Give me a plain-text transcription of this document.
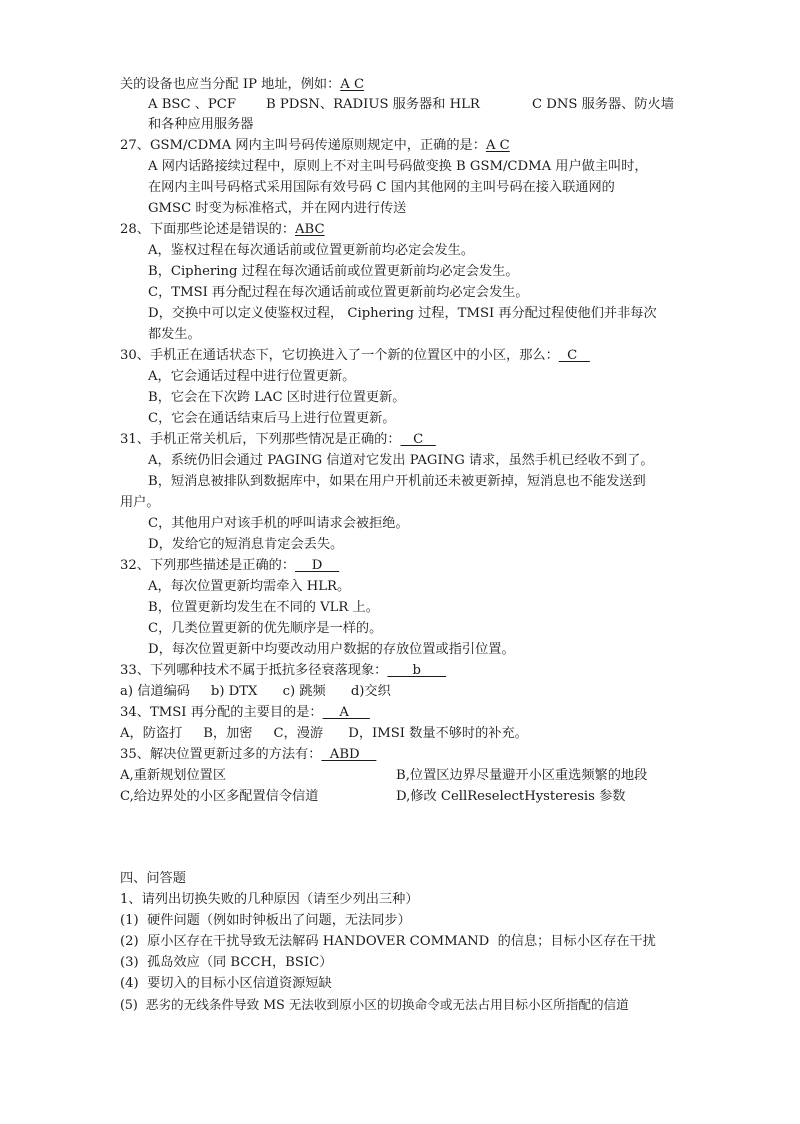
关的设备也应当分配 IP 地址，例如：A C
A BSC 、PCF B PDSN、RADIUS 服务器和 HLR	C DNS 服务器、防火墙
和各种应用服务器
27、GSM/CDMA 网内主叫号码传递原则规定中，正确的是：A C
A 网内话路接续过程中，原则上不对主叫号码做变换 B GSM/CDMA 用户做主叫时，
在网内主叫号码格式采用国际有效号码 C 国内其他网的主叫号码在接入联通网的
GMSC 时变为标准格式，并在网内进行传送
28、下面那些论述是错误的：ABC
A，鉴权过程在每次通话前或位置更新前均必定会发生。
B，Ciphering 过程在每次通话前或位置更新前均必定会发生。
C，TMSI 再分配过程在每次通话前或位置更新前均必定会发生。
D，交换中可以定义使鉴权过程， Ciphering 过程，TMSI 再分配过程使他们并非每次
都发生。
30、手机正在通话状态下，它切换进入了一个新的位置区中的小区，那么：  C
A，它会通话过程中进行位置更新。
B，它会在下次跨 LAC 区时进行位置更新。
C，它会在通话结束后马上进行位置更新。
31、手机正常关机后，下列那些情况是正确的：   C
A，系统仍旧会通过 PAGING 信道对它发出 PAGING 请求，虽然手机已经收不到了。
B，短消息被排队到数据库中，如果在用户开机前还未被更新掉，短消息也不能发送到
用户。
C，其他用户对该手机的呼叫请求会被拒绝。
D，发给它的短消息肯定会丢失。
32、下列那些描述是正确的：    D
A，每次位置更新均需牵入 HLR。
B，位置更新均发生在不同的 VLR 上。
C，几类位置更新的优先顺序是一样的。
D，每次位置更新中均要改动用户数据的存放位置或指引位置。
33、下列哪种技术不属于抵抗多径衰落现象：      b
a) 信道编码     b) DTX      c) 跳频      d)交织
34、TMSI 再分配的主要目的是：    A
A，防盗打     B，加密     C，漫游      D，IMSI 数量不够时的补充。
35、解决位置更新过多的方法有：  ABD
A,重新规划位置区	B,位置区边界尽量避开小区重选频繁的地段
C,给边界处的小区多配置信令信道	D,修改 CellReselectHysteresis 参数
四、问答题
1、请列出切换失败的几种原因（请至少列出三种）
(1)  硬件问题（例如时钟板出了问题，无法同步）
(2)  原小区存在干扰导致无法解码 HANDOVER COMMAND  的信息；目标小区存在干扰
(3)  孤岛效应（同 BCCH，BSIC）
(4)  要切入的目标小区信道资源短缺
(5)  恶劣的无线条件导致 MS 无法收到原小区的切换命令或无法占用目标小区所指配的信道
